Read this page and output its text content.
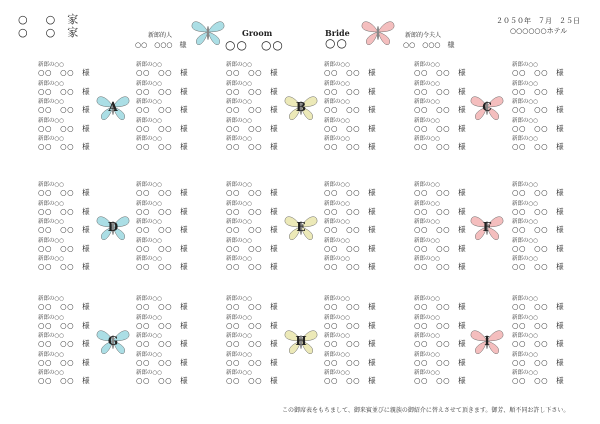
○ ○ 家
○ ○ 家	新郎的人
○○　○○○　様
Groom
○○　○○
Bride
○○
新郎的令夫人
○○　○○○　様
２０５０年　７月　２５日
○○○○○○ホテル
新郎の○○
○○　○○　様
新郎の○○
○○　○○　様
新郎の○○
○○　○○　様
新郎の○○
○○　○○　様
新郎の○○
○○　○○　様
新郎の○○
○○　○○　様
新郎の○○
○○　○○　様
新郎の○○
○○　○○　様
新郎の○○
○○　○○　様
新郎の○○
○○　○○　様
A
新郎の○○
○○　○○　様
新郎の○○
○○　○○　様
新郎の○○
○○　○○　様
新郎の○○
○○　○○　様
新郎の○○
○○　○○　様
新郎の○○
○○　○○　様
新郎の○○
○○　○○　様
新郎の○○
○○　○○　様
新郎の○○
○○　○○　様
新郎の○○
○○　○○　様
B
新郎の○○
○○　○○　様
新郎の○○
○○　○○　様
新郎の○○
○○　○○　様
新郎の○○
○○　○○　様
新郎の○○
○○　○○　様
新郎の○○
○○　○○　様
新郎の○○
○○　○○　様
新郎の○○
○○　○○　様
新郎の○○
○○　○○　様
新郎の○○
○○　○○　様
C
新郎の○○
○○　○○　様
新郎の○○
○○　○○　様
新郎の○○
○○　○○　様
新郎の○○
○○　○○　様
新郎の○○
○○　○○　様
新郎の○○
○○　○○　様
新郎の○○
○○　○○　様
新郎の○○
○○　○○　様
新郎の○○
○○　○○　様
新郎の○○
○○　○○　様
D
新郎の○○
○○　○○　様
新郎の○○
○○　○○　様
新郎の○○
○○　○○　様
新郎の○○
○○　○○　様
新郎の○○
○○　○○　様
新郎の○○
○○　○○　様
新郎の○○
○○　○○　様
新郎の○○
○○　○○　様
新郎の○○
○○　○○　様
新郎の○○
○○　○○　様
E
新郎の○○
○○　○○　様
新郎の○○
○○　○○　様
新郎の○○
○○　○○　様
新郎の○○
○○　○○　様
新郎の○○
○○　○○　様
新郎の○○
○○　○○　様
新郎の○○
○○　○○　様
新郎の○○
○○　○○　様
新郎の○○
○○　○○　様
新郎の○○
○○　○○　様
F
新郎の○○
○○　○○　様
新郎の○○
○○　○○　様
新郎の○○
○○　○○　様
新郎の○○
○○　○○　様
新郎の○○
○○　○○　様
新郎の○○
○○　○○　様
新郎の○○
○○　○○　様
新郎の○○
○○　○○　様
新郎の○○
○○　○○　様
新郎の○○
○○　○○　様
G
新郎の○○
○○　○○　様
新郎の○○
○○　○○　様
新郎の○○
○○　○○　様
新郎の○○
○○　○○　様
新郎の○○
○○　○○　様
新郎の○○
○○　○○　様
新郎の○○
○○　○○　様
新郎の○○
○○　○○　様
新郎の○○
○○　○○　様
新郎の○○
○○　○○　様
H
新郎の○○
○○　○○　様
新郎の○○
○○　○○　様
新郎の○○
○○　○○　様
新郎の○○
○○　○○　様
新郎の○○
○○　○○　様
新郎の○○
○○　○○　様
新郎の○○
○○　○○　様
新郎の○○
○○　○○　様
新郎の○○
○○　○○　様
新郎の○○
○○　○○　様
I
この御席表をもちまして、御来賓並びに親族の御紹介に替えさせて頂きます。御芳、順不同お許し下さい。
